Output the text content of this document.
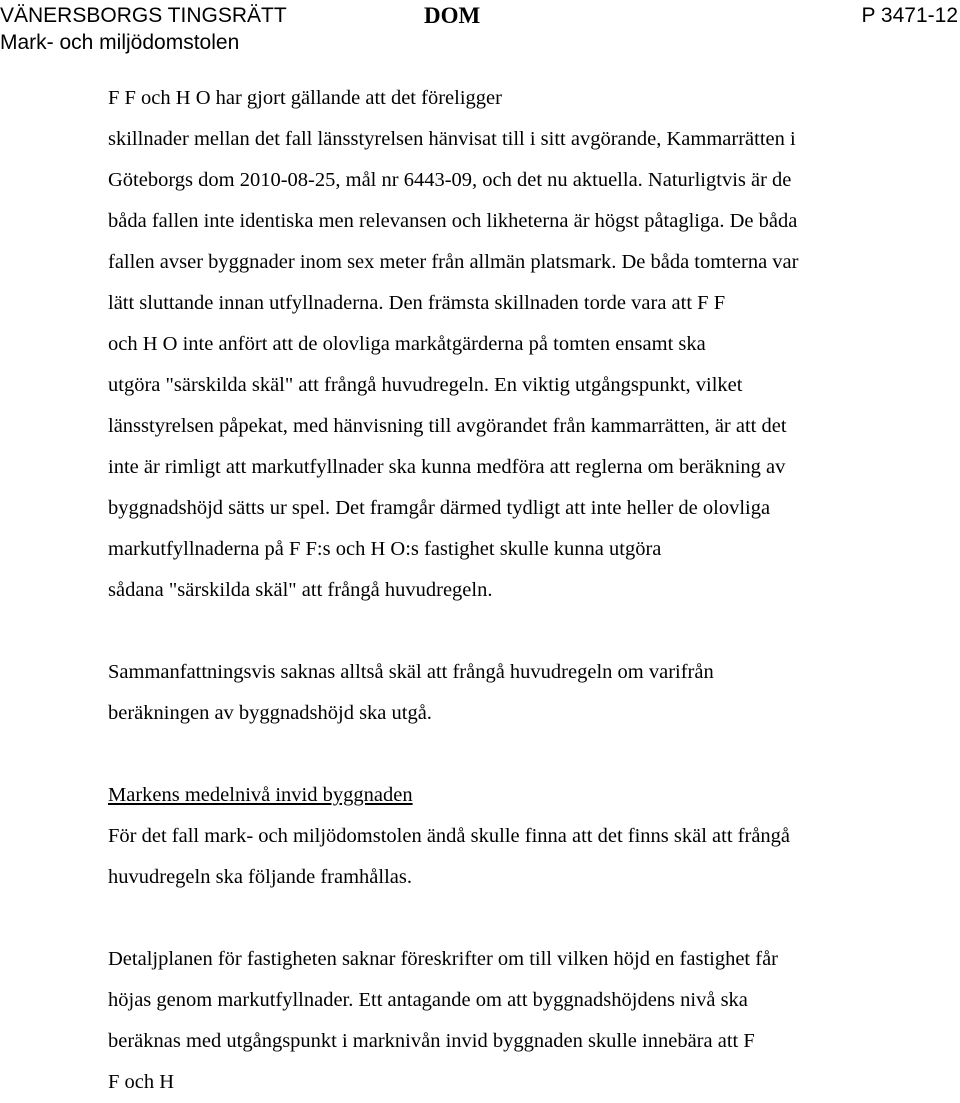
VÄNERSBORGS TINGSRÄTT
Mark- och miljödomstolen
DOM	P 3471-12
F F och H O har gjort gällande att det föreligger
skillnader mellan det fall länsstyrelsen hänvisat till i sitt avgörande, Kammarrätten i
Göteborgs dom 2010-08-25, mål nr 6443-09, och det nu aktuella. Naturligtvis är de
båda fallen inte identiska men relevansen och likheterna är högst påtagliga. De båda
fallen avser byggnader inom sex meter från allmän platsmark. De båda tomterna var
lätt sluttande innan utfyllnaderna. Den främsta skillnaden torde vara att F F
och H O inte anfört att de olovliga markåtgärderna på tomten ensamt ska
utgöra "särskilda skäl" att frångå huvudregeln. En viktig utgångspunkt, vilket
länsstyrelsen påpekat, med hänvisning till avgörandet från kammarrätten, är att det
inte är rimligt att markutfyllnader ska kunna medföra att reglerna om beräkning av
byggnadshöjd sätts ur spel. Det framgår därmed tydligt att inte heller de olovliga
markutfyllnaderna på F F:s och H O:s fastighet skulle kunna utgöra
sådana "särskilda skäl" att frångå huvudregeln.
Sammanfattningsvis saknas alltså skäl att frångå huvudregeln om varifrån
beräkningen av byggnadshöjd ska utgå.
Markens medelnivå invid byggnaden
För det fall mark- och miljödomstolen ändå skulle finna att det finns skäl att frångå
huvudregeln ska följande framhållas.
Detaljplanen för fastigheten saknar föreskrifter om till vilken höjd en fastighet får
höjas genom markutfyllnader. Ett antagande om att byggnadshöjdens nivå ska
beräknas med utgångspunkt i marknivån invid byggnaden skulle innebära att F
F och H
